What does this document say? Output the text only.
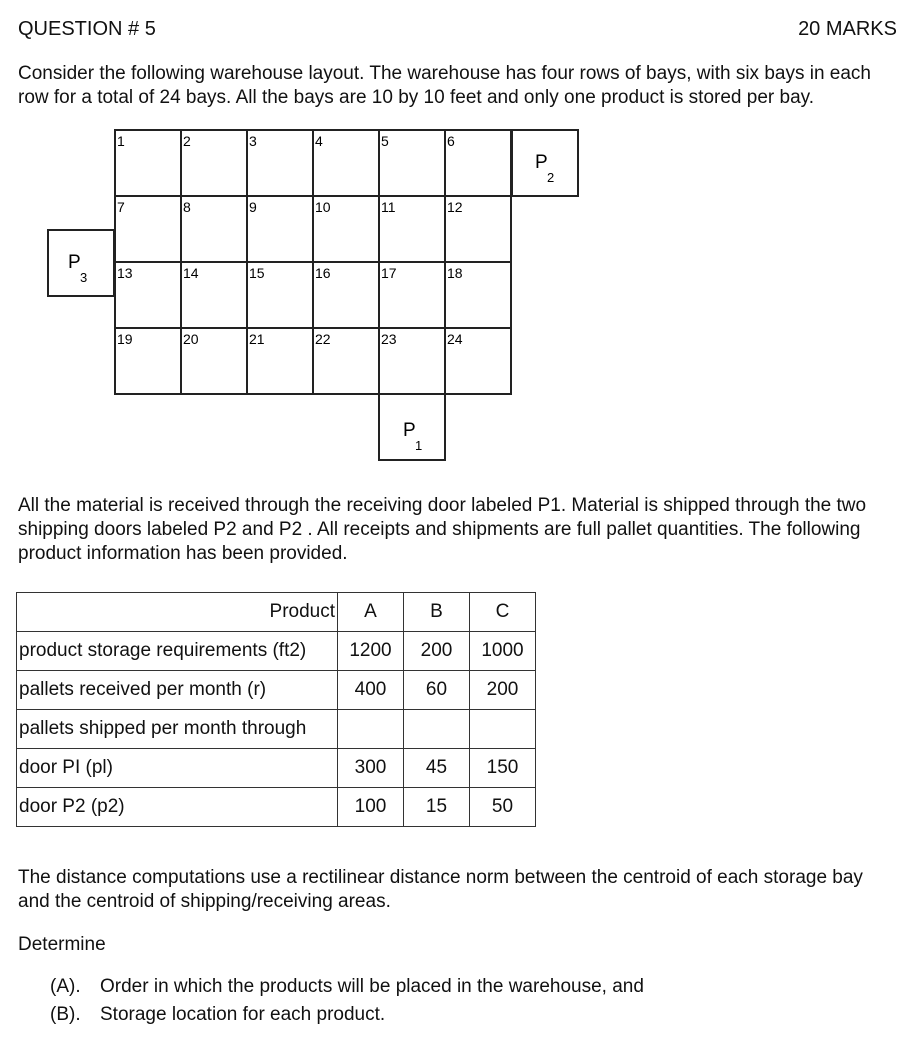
QUESTION # 5	20 MARKS
Consider the following warehouse layout. The warehouse has four rows of bays, with six bays in each row for a total of 24 bays. All the bays are 10 by 10 feet and only one product is stored per bay.
1	2	3	4	5	6
7	8	9	10	11	12
13	14	15	16	17	18
19	20	21	22	23	24
P
2
P
3
P
1
All the material is received through the receiving door labeled P1. Material is shipped through the two shipping doors labeled P2 and P2 . All receipts and shipments are full pallet quantities. The following product information has been provided.
Product	A	B	C
product storage requirements (ft2)	1200	200	1000
pallets received per month (r)	400	60	200
pallets shipped per month through			
door PI (pl)	300	45	150
door P2 (p2)	100	15	50
The distance computations use a rectilinear distance norm between the centroid of each storage bay and the centroid of shipping/receiving areas.
Determine
(A). Order in which the products will be placed in the warehouse, and
(B). Storage location for each product.
